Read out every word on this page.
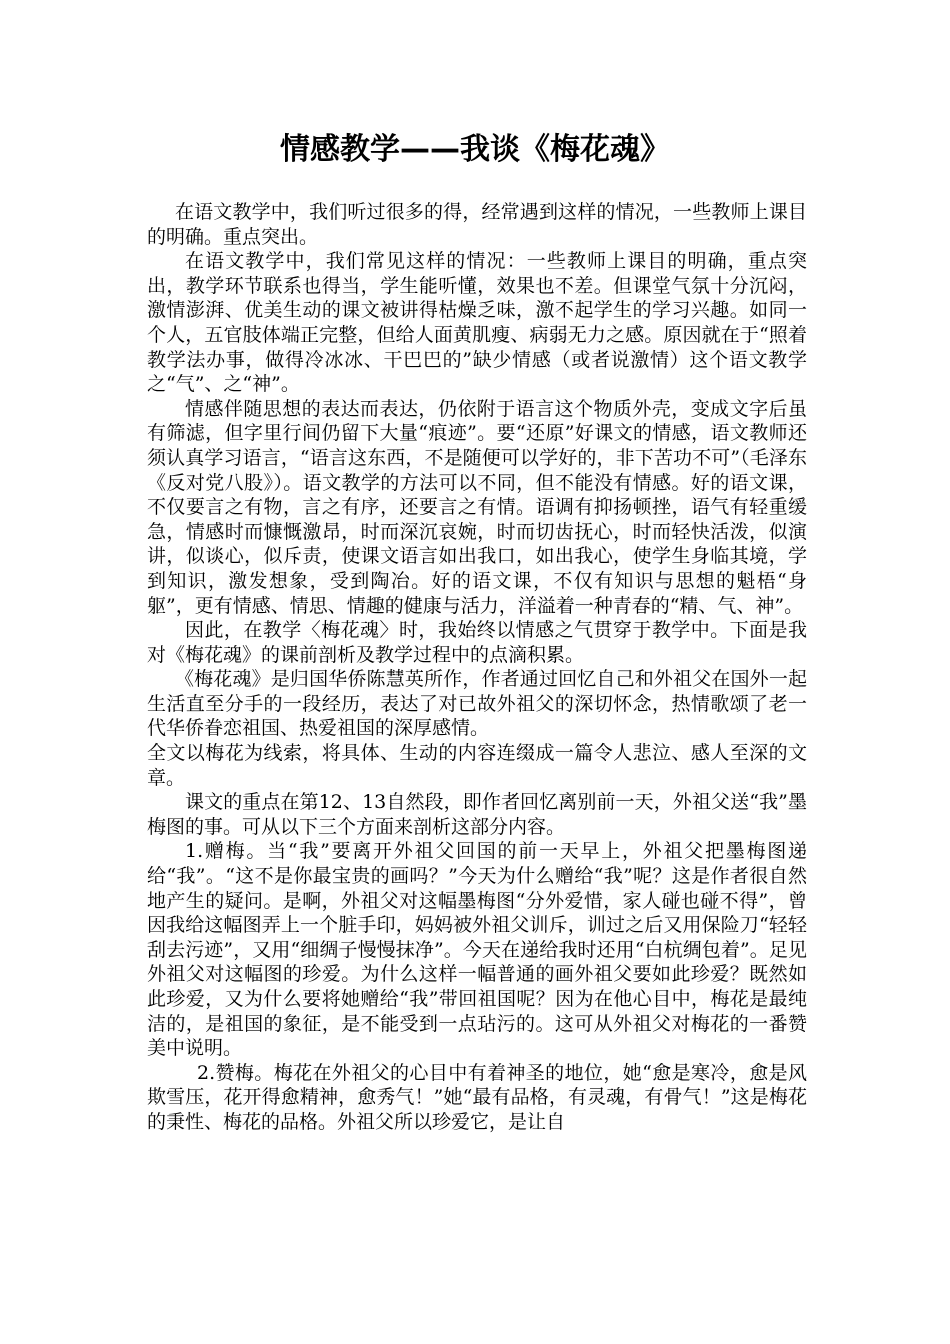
情感教学——我谈《梅花魂》

在语文教学中，我们听过很多的得，经常遇到这样的情况，一些教师上课目的明确。重点突出。

在语文教学中，我们常见这样的情况：一些教师上课目的明确，重点突出，教学环节联系也得当，学生能听懂，效果也不差。但课堂气氛十分沉闷，激情澎湃、优美生动的课文被讲得枯燥乏味，激不起学生的学习兴趣。如同一个人，五官肢体端正完整，但给人面黄肌瘦、病弱无力之感。原因就在于“照着教学法办事，做得冷冰冰、干巴巴的”缺少情感（或者说激情）这个语文教学之“气”、之“神”。

情感伴随思想的表达而表达，仍依附于语言这个物质外壳，变成文字后虽有筛滤，但字里行间仍留下大量“痕迹”。要“还原”好课文的情感，语文教师还须认真学习语言，“语言这东西，不是随便可以学好的，非下苦功不可”（毛泽东《反对党八股》）。语文教学的方法可以不同，但不能没有情感。好的语文课，不仅要言之有物，言之有序，还要言之有情。语调有抑扬顿挫，语气有轻重缓急，情感时而慷慨激昂，时而深沉哀婉，时而切齿抚心，时而轻快活泼，似演讲，似谈心，似斥责，使课文语言如出我口，如出我心，使学生身临其境，学到知识，激发想象，受到陶冶。好的语文课，不仅有知识与思想的魁梧“身躯”，更有情感、情思、情趣的健康与活力，洋溢着一种青春的“精、气、神”。

因此，在教学〈梅花魂〉时，我始终以情感之气贯穿于教学中。下面是我对《梅花魂》的课前剖析及教学过程中的点滴积累。

《梅花魂》是归国华侨陈慧英所作，作者通过回忆自己和外祖父在国外一起生活直至分手的一段经历，表达了对已故外祖父的深切怀念，热情歌颂了老一代华侨眷恋祖国、热爱祖国的深厚感情。

全文以梅花为线索，将具体、生动的内容连缀成一篇令人悲泣、感人至深的文章。

课文的重点在第12、13自然段，即作者回忆离别前一天，外祖父送“我”墨梅图的事。可从以下三个方面来剖析这部分内容。

1.赠梅。当“我”要离开外祖父回国的前一天早上，外祖父把墨梅图递给“我”。“这不是你最宝贵的画吗？”今天为什么赠给“我”呢？这是作者很自然地产生的疑问。是啊，外祖父对这幅墨梅图“分外爱惜，家人碰也碰不得”，曾因我给这幅图弄上一个脏手印，妈妈被外祖父训斥，训过之后又用保险刀“轻轻刮去污迹”，又用“细绸子慢慢抹净”。今天在递给我时还用“白杭绸包着”。足见外祖父对这幅图的珍爱。为什么这样一幅普通的画外祖父要如此珍爱？既然如此珍爱，又为什么要将她赠给“我”带回祖国呢？因为在他心目中，梅花是最纯洁的，是祖国的象征，是不能受到一点玷污的。这可从外祖父对梅花的一番赞美中说明。

2.赞梅。梅花在外祖父的心目中有着神圣的地位，她“愈是寒冷，愈是风欺雪压，花开得愈精神，愈秀气！”她“最有品格，有灵魂，有骨气！”这是梅花的秉性、梅花的品格。外祖父所以珍爱它，是让自
